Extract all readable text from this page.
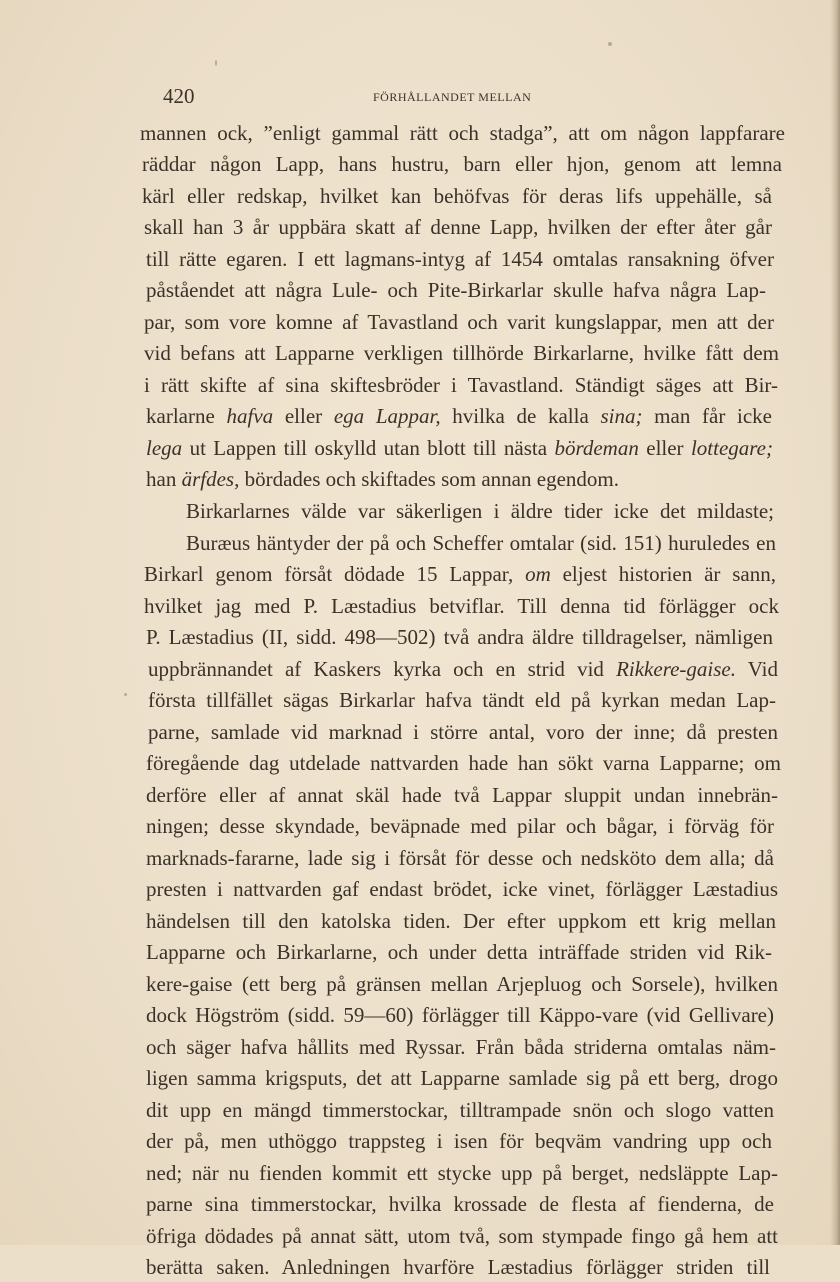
420	FÖRHÅLLANDET MELLAN
mannen ock, ”enligt gammal rätt och stadga”, att om någon lappfarare
räddar någon Lapp, hans hustru, barn eller hjon, genom att lemna
kärl eller redskap, hvilket kan behöfvas för deras lifs uppehälle, så
skall han 3 år uppbära skatt af denne Lapp, hvilken der efter åter går
till rätte egaren. I ett lagmans-intyg af 1454 omtalas ransakning öfver
påståendet att några Lule- och Pite-Birkarlar skulle hafva några Lap-
par, som vore komne af Tavastland och varit kungslappar, men att der
vid befans att Lapparne verkligen tillhörde Birkarlarne, hvilke fått dem
i rätt skifte af sina skiftesbröder i Tavastland. Ständigt säges att Bir-
karlarne hafva eller ega Lappar, hvilka de kalla sina; man får icke
lega ut Lappen till oskylld utan blott till nästa bördeman eller lottegare;
han ärfdes, bördades och skiftades som annan egendom.
Birkarlarnes välde var säkerligen i äldre tider icke det mildaste;
Buræus häntyder der på och Scheffer omtalar (sid. 151) huruledes en
Birkarl genom försåt dödade 15 Lappar, om eljest historien är sann,
hvilket jag med P. Læstadius betviflar. Till denna tid förlägger ock
P. Læstadius (II, sidd. 498—502) två andra äldre tilldragelser, nämligen
uppbrännandet af Kaskers kyrka och en strid vid Rikkere-gaise. Vid
första tillfället sägas Birkarlar hafva tändt eld på kyrkan medan Lap-
parne, samlade vid marknad i större antal, voro der inne; då presten
föregående dag utdelade nattvarden hade han sökt varna Lapparne; om
derföre eller af annat skäl hade två Lappar sluppit undan innebrän-
ningen; desse skyndade, beväpnade med pilar och bågar, i förväg för
marknads-fararne, lade sig i försåt för desse och nedsköto dem alla; då
presten i nattvarden gaf endast brödet, icke vinet, förlägger Læstadius
händelsen till den katolska tiden. Der efter uppkom ett krig mellan
Lapparne och Birkarlarne, och under detta inträffade striden vid Rik-
kere-gaise (ett berg på gränsen mellan Arjepluog och Sorsele), hvilken
dock Högström (sidd. 59—60) förlägger till Käppo-vare (vid Gellivare)
och säger hafva hållits med Ryssar. Från båda striderna omtalas näm-
ligen samma krigsputs, det att Lapparne samlade sig på ett berg, drogo
dit upp en mängd timmerstockar, tilltrampade snön och slogo vatten
der på, men uthöggo trappsteg i isen för beqväm vandring upp och
ned; när nu fienden kommit ett stycke upp på berget, nedsläppte Lap-
parne sina timmerstockar, hvilka krossade de flesta af fienderna, de
öfriga dödades på annat sätt, utom två, som stympade fingo gå hem att
berätta saken. Anledningen hvarföre Læstadius förlägger striden till
